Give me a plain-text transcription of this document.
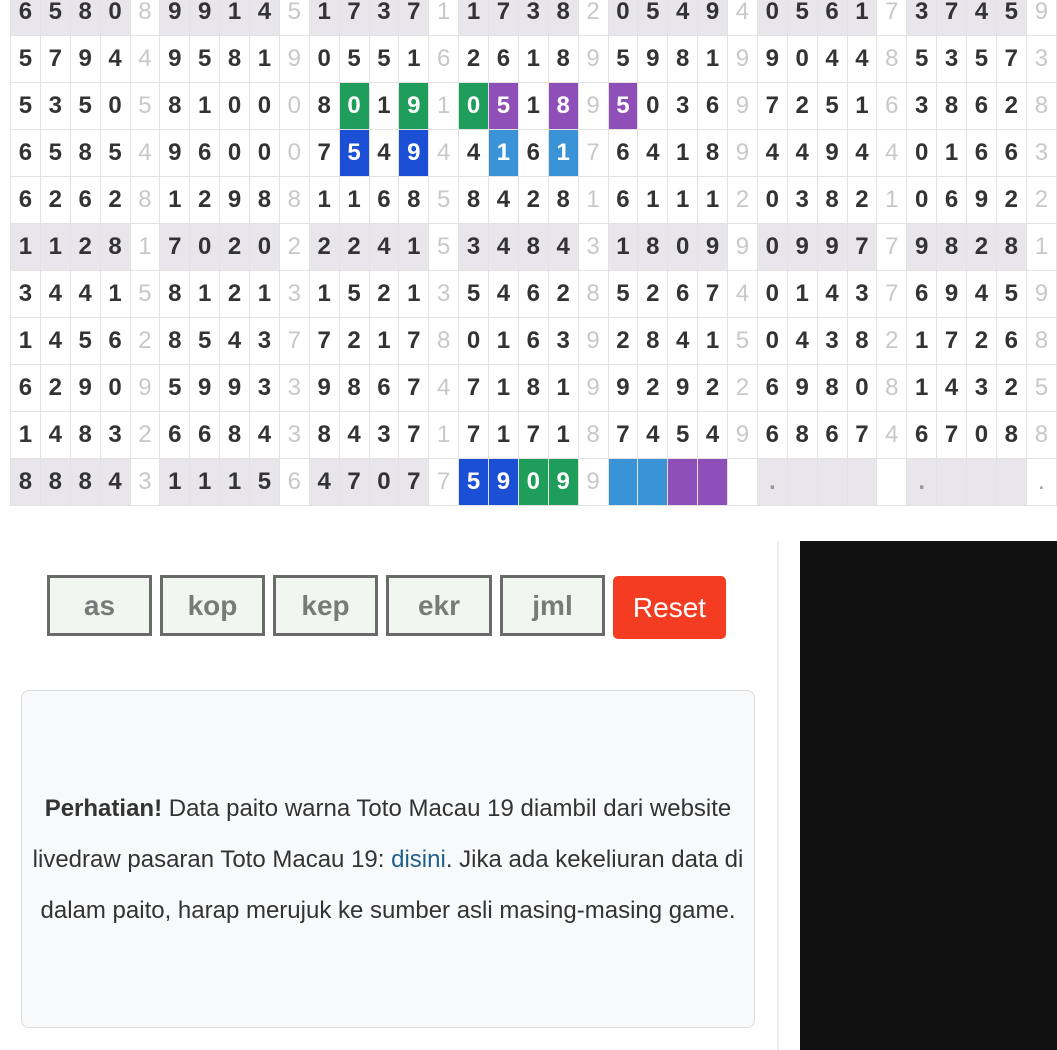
6	5	8	0	8	9	9	1	4	5	1	7	3	7	1	1	7	3	8	2	0	5	4	9	4	0	5	6	1	7	3	7	4	5	9
5	7	9	4	4	9	5	8	1	9	0	5	5	1	6	2	6	1	8	9	5	9	8	1	9	9	0	4	4	8	5	3	5	7	3
5	3	5	0	5	8	1	0	0	0	8	0	1	9	1	0	5	1	8	9	5	0	3	6	9	7	2	5	1	6	3	8	6	2	8
6	5	8	5	4	9	6	0	0	0	7	5	4	9	4	4	1	6	1	7	6	4	1	8	9	4	4	9	4	4	0	1	6	6	3
6	2	6	2	8	1	2	9	8	8	1	1	6	8	5	8	4	2	8	1	6	1	1	1	2	0	3	8	2	1	0	6	9	2	2
1	1	2	8	1	7	0	2	0	2	2	2	4	1	5	3	4	8	4	3	1	8	0	9	9	0	9	9	7	7	9	8	2	8	1
3	4	4	1	5	8	1	2	1	3	1	5	2	1	3	5	4	6	2	8	5	2	6	7	4	0	1	4	3	7	6	9	4	5	9
1	4	5	6	2	8	5	4	3	7	7	2	1	7	8	0	1	6	3	9	2	8	4	1	5	0	4	3	8	2	1	7	2	6	8
6	2	9	0	9	5	9	9	3	3	9	8	6	7	4	7	1	8	1	9	9	2	9	2	2	6	9	8	0	8	1	4	3	2	5
1	4	8	3	2	6	6	8	4	3	8	4	3	7	1	7	1	7	1	8	7	4	5	4	9	6	8	6	7	4	6	7	0	8	8
8	8	8	4	3	1	1	1	5	6	4	7	0	7	7	5	9	0	9	9						.					.				.
as	kop	kep	ekr	jml	Reset

Perhatian! Data paito warna Toto Macau 19 diambil dari website livedraw pasaran Toto Macau 19: disini. Jika ada kekeliuran data di dalam paito, harap merujuk ke sumber asli masing-masing game.
